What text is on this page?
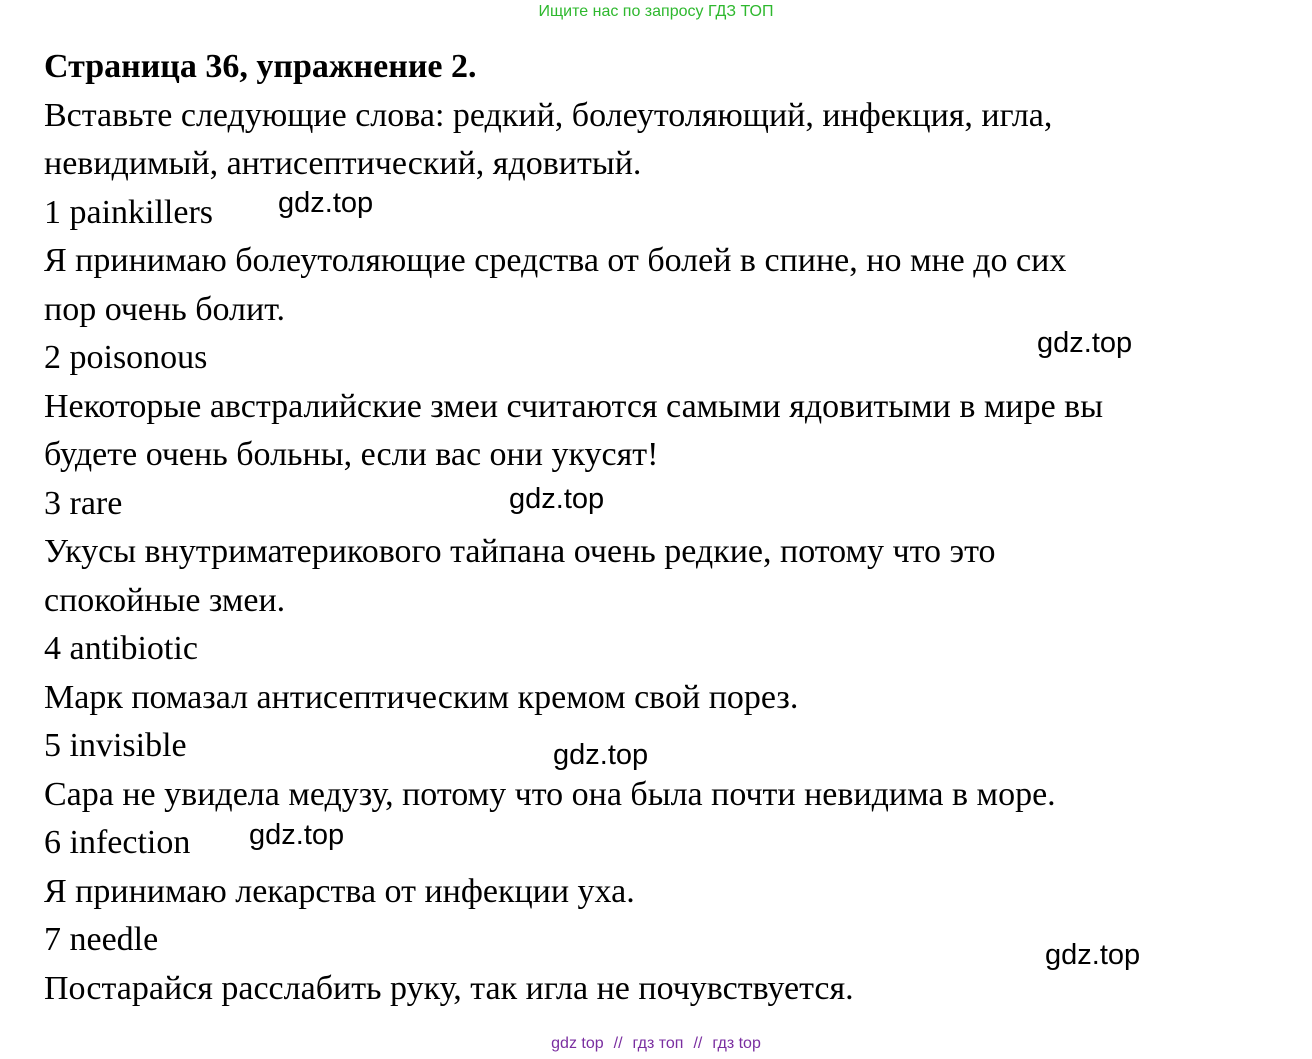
Ищите нас по запросу ГДЗ ТОП
Страница 36, упражнение 2.
Вставьте следующие слова: редкий, болеутоляющий, инфекция, игла,
невидимый, антисептический, ядовитый.
1 painkillers
Я принимаю болеутоляющие средства от болей в спине, но мне до сих
пор очень болит.
2 poisonous
Некоторые австралийские змеи считаются самыми ядовитыми в мире вы
будете очень больны, если вас они укусят!
3 rare
Укусы внутриматерикового тайпана очень редкие, потому что это
спокойные змеи.
4 antibiotic
Марк помазал антисептическим кремом свой порез.
5 invisible
Сара не увидела медузу, потому что она была почти невидима в море.
6 infection
Я принимаю лекарства от инфекции уха.
7 needle
Постарайся расслабить руку, так игла не почувствуется.
gdz.top
gdz.top
gdz.top
gdz.top
gdz.top
gdz.top
gdz top // гдз топ // гдз top
